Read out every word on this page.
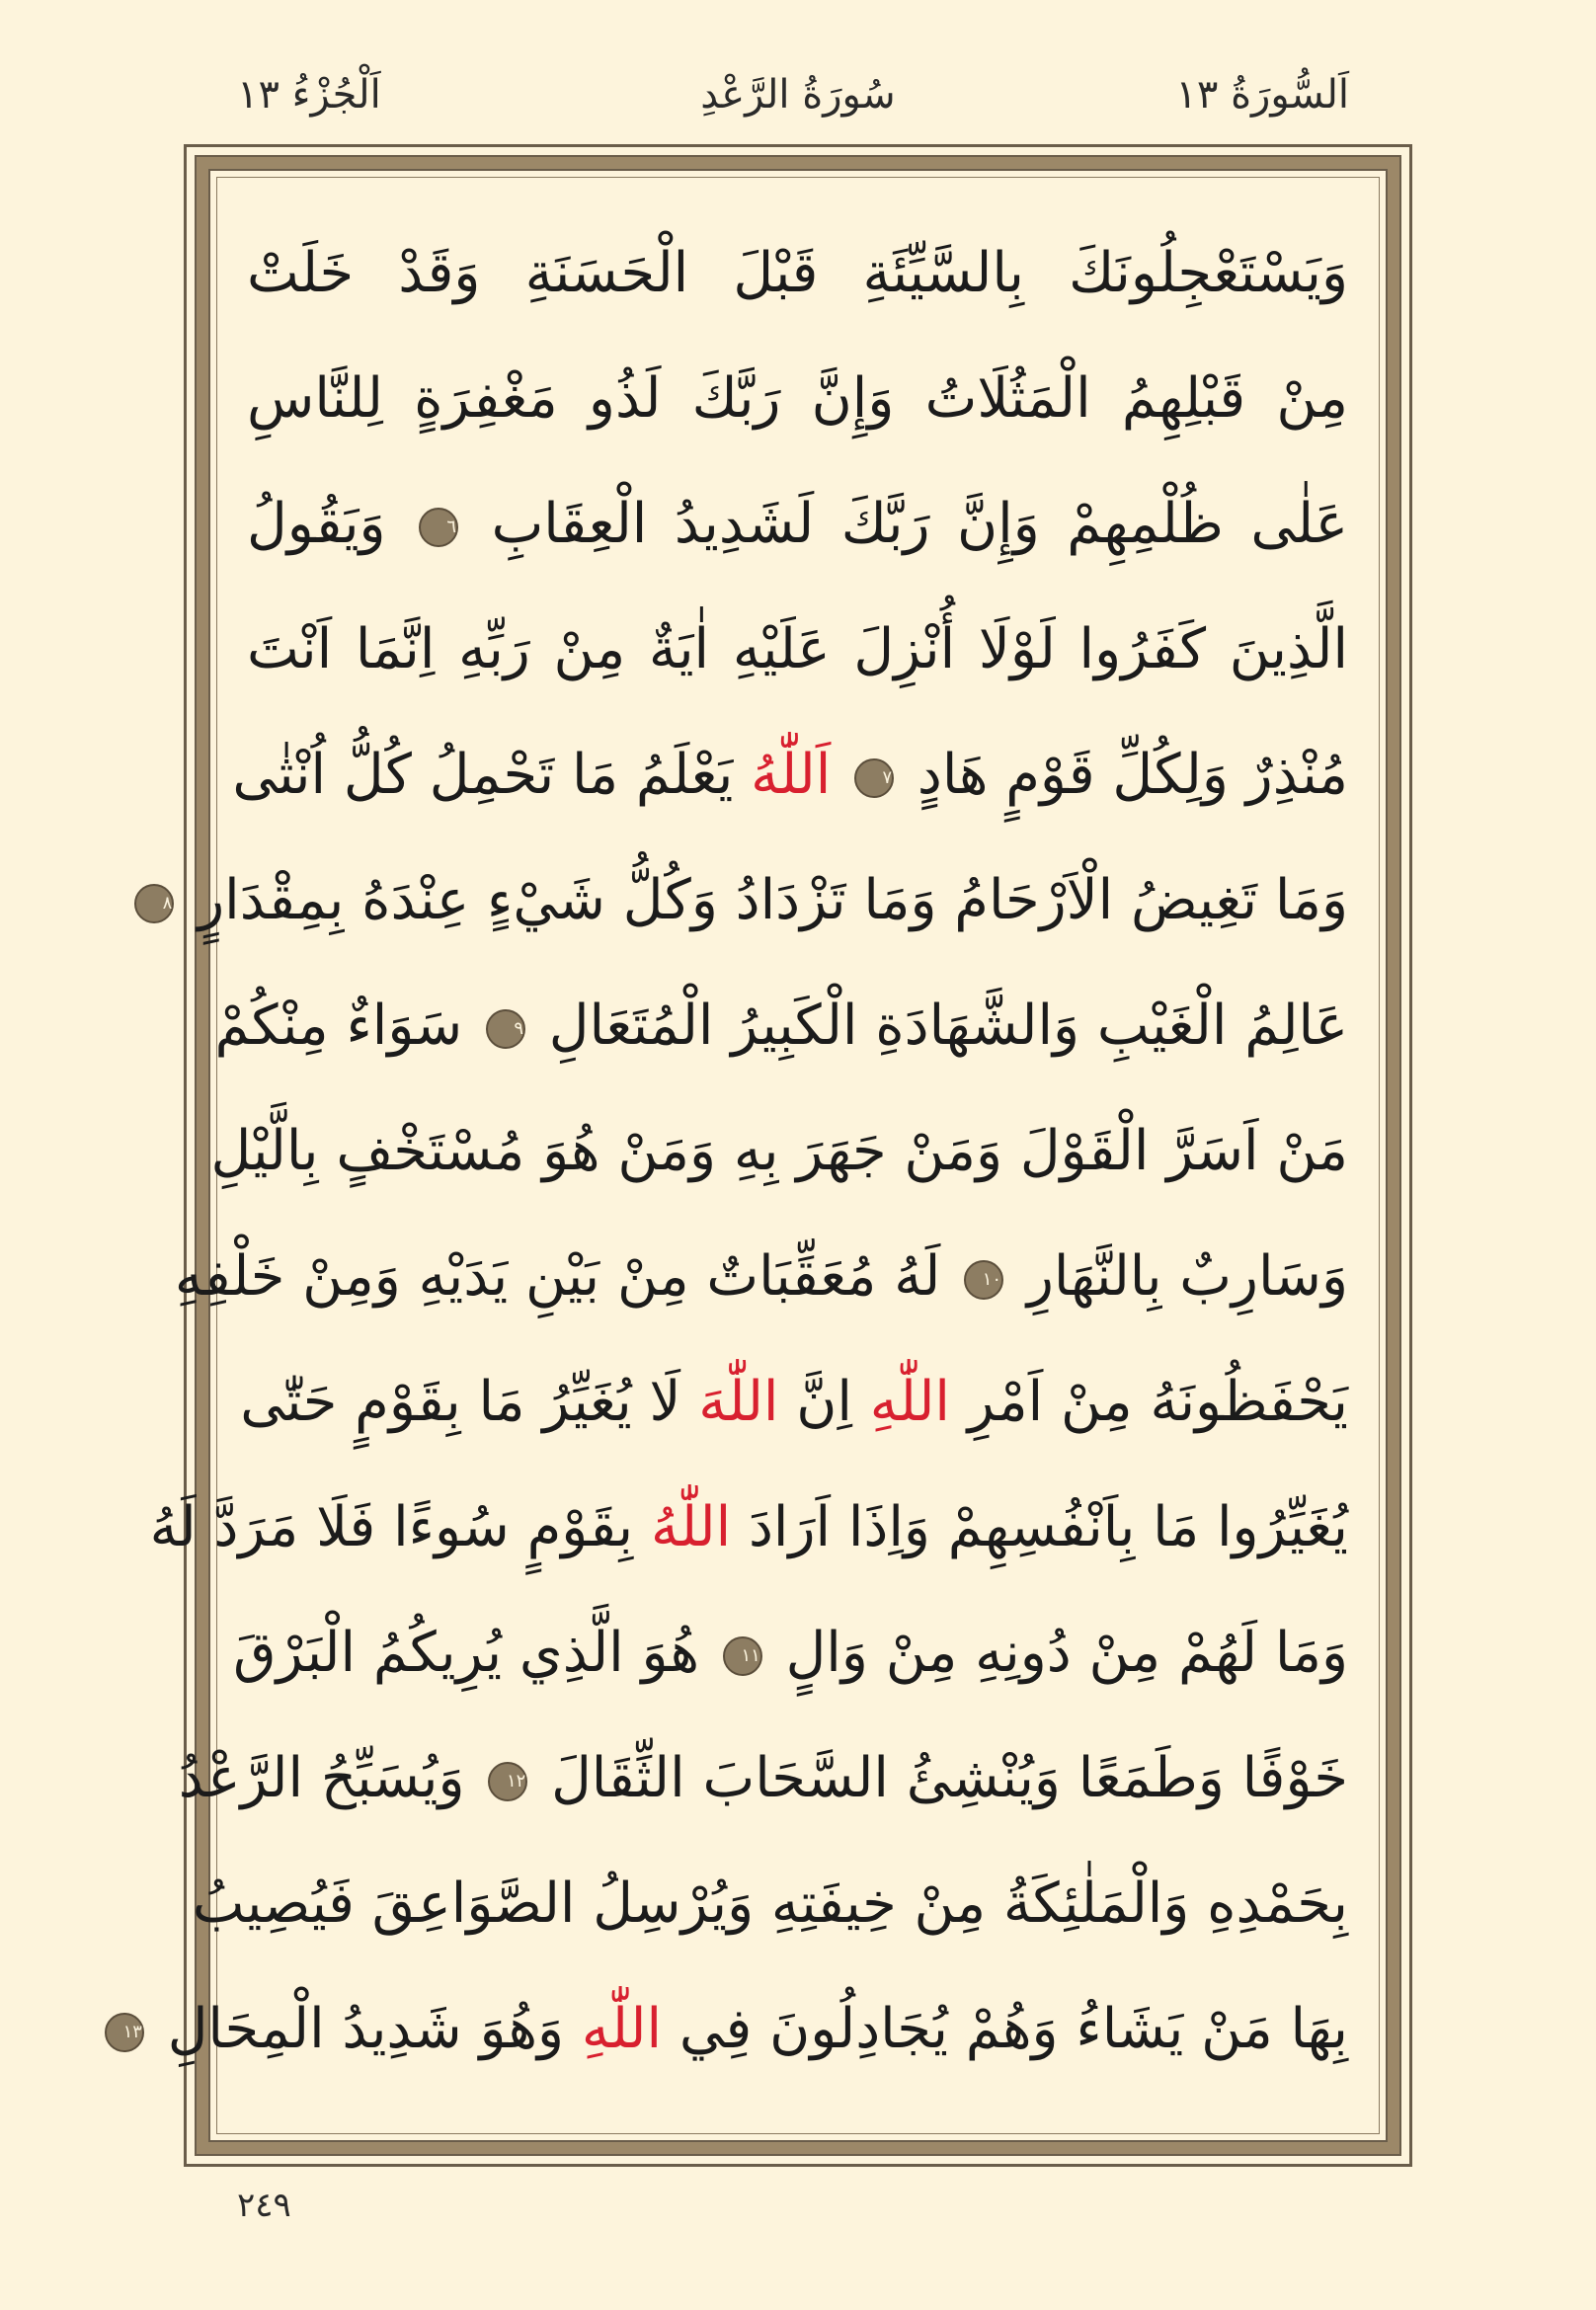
اَلْجُزْءُ ١٣	سُورَةُ الرَّعْدِ	اَلسُّورَةُ ١٣
وَيَسْتَعْجِلُونَكَ بِالسَّيِّئَةِ قَبْلَ الْحَسَنَةِ وَقَدْ خَلَتْ
مِنْ قَبْلِهِمُ الْمَثُلَاتُ وَإِنَّ رَبَّكَ لَذُو مَغْفِرَةٍ لِلنَّاسِ
عَلٰى ظُلْمِهِمْ وَإِنَّ رَبَّكَ لَشَدِيدُ الْعِقَابِ ٦ وَيَقُولُ
الَّذِينَ كَفَرُوا لَوْلَا أُنْزِلَ عَلَيْهِ اٰيَةٌ مِنْ رَبِّهِ اِنَّمَا اَنْتَ
مُنْذِرٌ وَلِكُلِّ قَوْمٍ هَادٍ ٧ اَللّٰهُ يَعْلَمُ مَا تَحْمِلُ كُلُّ اُنْثٰى
وَمَا تَغِيضُ الْاَرْحَامُ وَمَا تَزْدَادُ وَكُلُّ شَيْءٍ عِنْدَهُ بِمِقْدَارٍ ٨
عَالِمُ الْغَيْبِ وَالشَّهَادَةِ الْكَبِيرُ الْمُتَعَالِ ٩ سَوَاءٌ مِنْكُمْ
مَنْ اَسَرَّ الْقَوْلَ وَمَنْ جَهَرَ بِهِ وَمَنْ هُوَ مُسْتَخْفٍ بِالَّيْلِ
وَسَارِبٌ بِالنَّهَارِ ١٠ لَهُ مُعَقِّبَاتٌ مِنْ بَيْنِ يَدَيْهِ وَمِنْ خَلْفِهِ
يَحْفَظُونَهُ مِنْ اَمْرِ اللّٰهِ اِنَّ اللّٰهَ لَا يُغَيِّرُ مَا بِقَوْمٍ حَتّٰى
يُغَيِّرُوا مَا بِاَنْفُسِهِمْ وَاِذَا اَرَادَ اللّٰهُ بِقَوْمٍ سُوءًا فَلَا مَرَدَّ لَهُ
وَمَا لَهُمْ مِنْ دُونِهِ مِنْ وَالٍ ١١ هُوَ الَّذِي يُرِيكُمُ الْبَرْقَ
خَوْفًا وَطَمَعًا وَيُنْشِئُ السَّحَابَ الثِّقَالَ ١٢ وَيُسَبِّحُ الرَّعْدُ
بِحَمْدِهِ وَالْمَلٰئِكَةُ مِنْ خِيفَتِهِ وَيُرْسِلُ الصَّوَاعِقَ فَيُصِيبُ
بِهَا مَنْ يَشَاءُ وَهُمْ يُجَادِلُونَ فِي اللّٰهِ وَهُوَ شَدِيدُ الْمِحَالِ ١٣
٢٤٩
